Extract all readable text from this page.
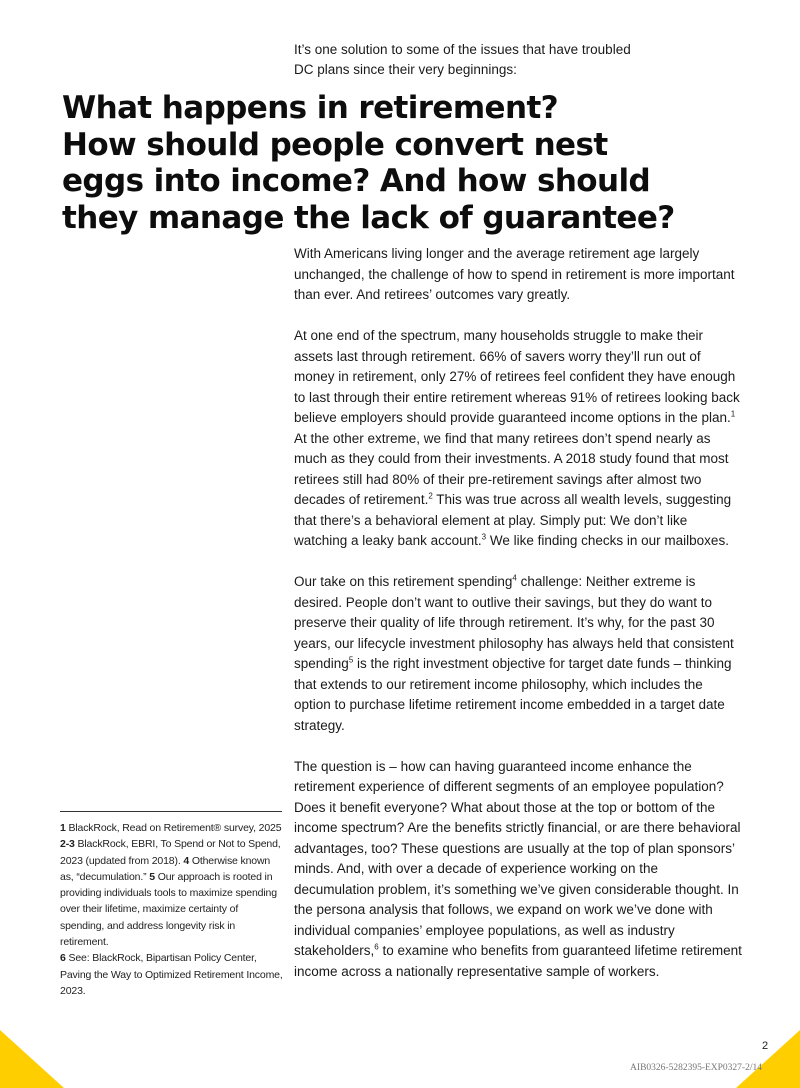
It’s one solution to some of the issues that have troubled
DC plans since their very beginnings:

What happens in retirement?
How should people convert nest
eggs into income? And how should
they manage the lack of guarantee?

With Americans living longer and the average retirement age largely unchanged, the challenge of how to spend in retirement is more important than ever. And retirees’ outcomes vary greatly.

At one end of the spectrum, many households struggle to make their assets last through retirement. 66% of savers worry they’ll run out of money in retirement, only 27% of retirees feel confident they have enough to last through their entire retirement whereas 91% of retirees looking back believe employers should provide guaranteed income options in the plan.$^1$ At the other extreme, we find that many retirees don’t spend nearly as much as they could from their investments. A 2018 study found that most retirees still had 80% of their pre-retirement savings after almost two decades of retirement.$^2$ This was true across all wealth levels, suggesting that there’s a behavioral element at play. Simply put: We don’t like watching a leaky bank account.$^3$ We like finding checks in our mailboxes.

Our take on this retirement spending$^4$ challenge: Neither extreme is desired. People don’t want to outlive their savings, but they do want to preserve their quality of life through retirement. It’s why, for the past 30 years, our lifecycle investment philosophy has always held that consistent spending$^5$ is the right investment objective for target date funds – thinking that extends to our retirement income philosophy, which includes the option to purchase lifetime retirement income embedded in a target date strategy.

The question is – how can having guaranteed income enhance the retirement experience of different segments of an employee population? Does it benefit everyone? What about those at the top or bottom of the income spectrum? Are the benefits strictly financial, or are there behavioral advantages, too? These questions are usually at the top of plan sponsors’ minds. And, with over a decade of experience working on the decumulation problem, it’s something we’ve given considerable thought. In the persona analysis that follows, we expand on work we’ve done with individual companies’ employee populations, as well as industry stakeholders,$^6$ to examine who benefits from guaranteed lifetime retirement income across a nationally representative sample of workers.

1 BlackRock, Read on Retirement® survey, 2025
2-3 BlackRock, EBRI, To Spend or Not to Spend, 2023 (updated from 2018). 4 Otherwise known as, “decumulation.” 5 Our approach is rooted in providing individuals tools to maximize spending over their lifetime, maximize certainty of spending, and address longevity risk in retirement.
6 See: BlackRock, Bipartisan Policy Center, Paving the Way to Optimized Retirement Income, 2023.
2
AIB0326-5282395-EXP0327-2/14
